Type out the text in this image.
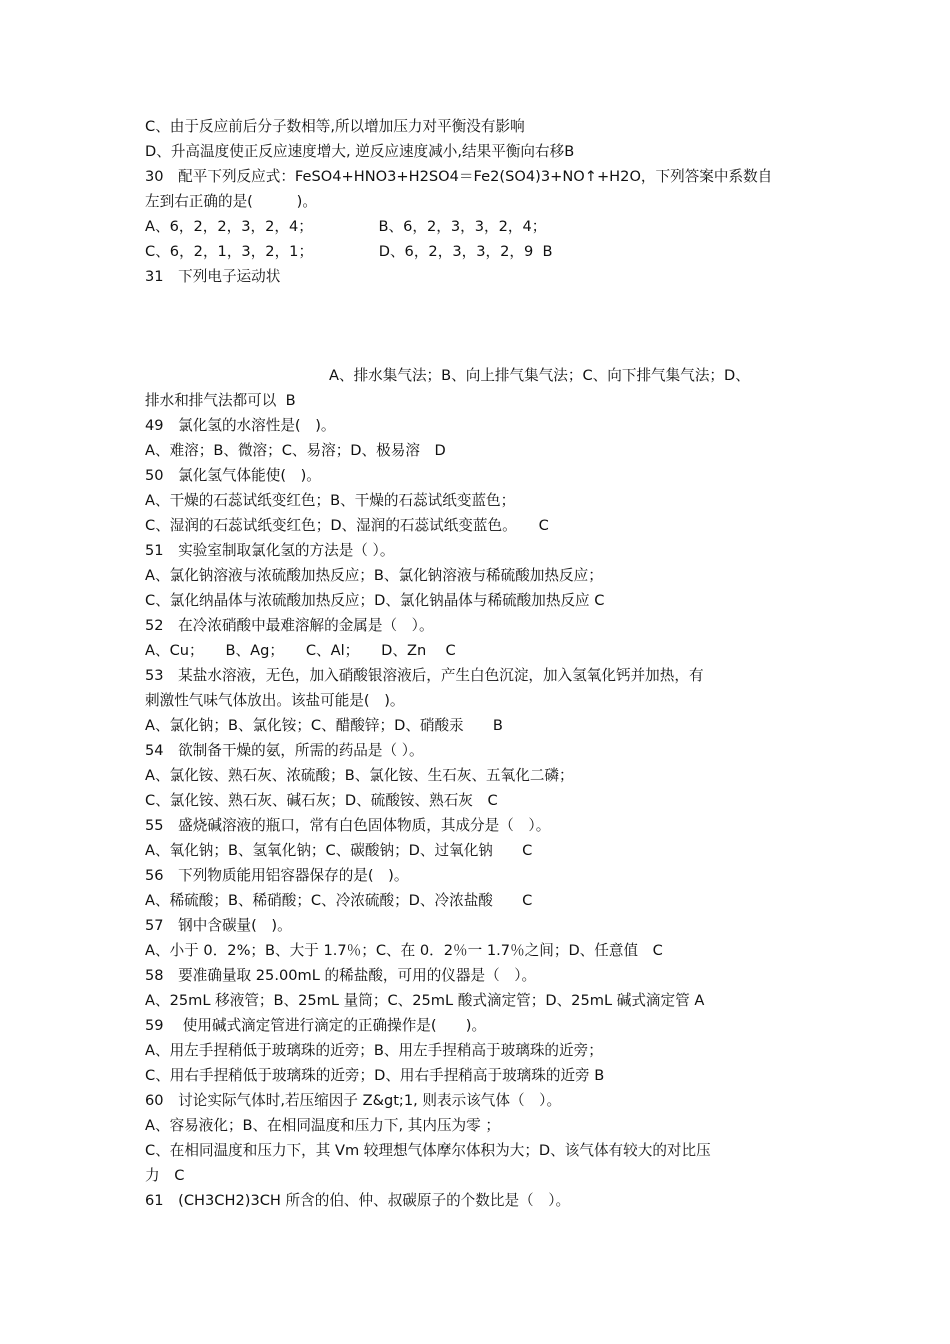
C、由于反应前后分子数相等,所以增加压力对平衡没有影响
D、升高温度使正反应速度增大, 逆反应速度减小,结果平衡向右移B
30　配平下列反应式：FeSO4+HNO3+H2SO4＝Fe2(SO4)3+NO↑+H2O，下列答案中系数自
左到右正确的是(　　　)。
A、6，2，2，3，2，4；　　　　　B、6，2，3，3，2，4；
C、6，2，1，3，2，1；　　　　　D、6，2，3，3，2，9  B
31　下列电子运动状
A、排水集气法；B、向上排气集气法；C、向下排气集气法；D、
排水和排气法都可以  B
49　氯化氢的水溶性是(　)。
A、难溶；B、微溶；C、易溶；D、极易溶　D
50　氯化氢气体能使(　)。
A、干燥的石蕊试纸变红色；B、干燥的石蕊试纸变蓝色；
C、湿润的石蕊试纸变红色；D、湿润的石蕊试纸变蓝色。　　C
51　实验室制取氯化氢的方法是（ ）。
A、氯化钠溶液与浓硫酸加热反应；B、氯化钠溶液与稀硫酸加热反应；
C、氯化纳晶体与浓硫酸加热反应；D、氯化钠晶体与稀硫酸加热反应 C
52　在冷浓硝酸中最难溶解的金属是（　）。
A、Cu；　　B、Ag；　　C、Al；　　D、Zn　 C
53　某盐水溶液，无色，加入硝酸银溶液后，产生白色沉淀，加入氢氧化钙并加热，有
刺激性气味气体放出。该盐可能是(　)。
A、氯化钠；B、氯化铵；C、醋酸锌；D、硝酸汞　　B
54　欲制备干燥的氨，所需的药品是（ ）。
A、氯化铵、熟石灰、浓硫酸；B、氯化铵、生石灰、五氧化二磷；
C、氯化铵、熟石灰、碱石灰；D、硫酸铵、熟石灰　C
55　盛烧碱溶液的瓶口，常有白色固体物质，其成分是（　）。
A、氧化钠；B、氢氧化钠；C、碳酸钠；D、过氧化钠　　C
56　下列物质能用铝容器保存的是(　)。
A、稀硫酸；B、稀硝酸；C、冷浓硫酸；D、冷浓盐酸　　C
57　钢中含碳量(　)。
A、小于 0．2%；B、大于 1.7％；C、在 0．2％一 1.7％之间；D、任意值　C
58　要准确量取 25.00mL 的稀盐酸，可用的仪器是（　）。
A、25mL 移液管；B、25mL 量筒；C、25mL 酸式滴定管；D、25mL 碱式滴定管 A
59　 使用碱式滴定管进行滴定的正确操作是(　　)。
A、用左手捏稍低于玻璃珠的近旁；B、用左手捏稍高于玻璃珠的近旁；
C、用右手捏稍低于玻璃珠的近旁；D、用右手捏稍高于玻璃珠的近旁 B
60　讨论实际气体时,若压缩因子 Z&gt;1, 则表示该气体（　）。
A、容易液化；B、在相同温度和压力下, 其内压为零 ；
C、在相同温度和压力下，其 Vm 较理想气体摩尔体积为大；D、该气体有较大的对比压
力　C
61　(CH3CH2)3CH 所含的伯、仲、叔碳原子的个数比是（　）。
